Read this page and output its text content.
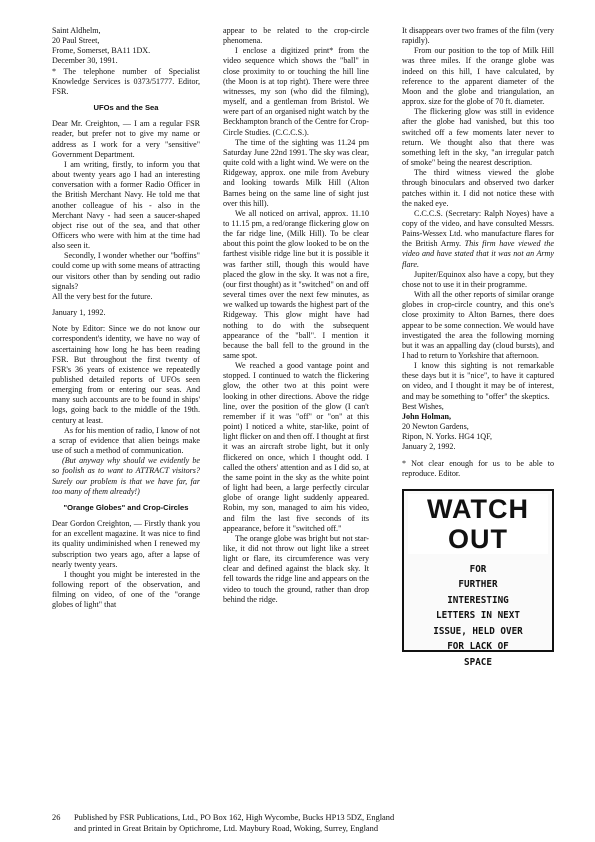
Saint Aldhelm,

20 Paul Street,

Frome, Somerset, BA11 1DX.

December 30, 1991.

* The telephone number of Specialist Knowledge Services is 0373/51777. Editor, FSR.

UFOs and the Sea

Dear Mr. Creighton, — I am a regular FSR reader, but prefer not to give my name or address as I work for a very "sensitive" Government Department.

I am writing, firstly, to inform you that about twenty years ago I had an interesting conversation with a former Radio Officer in the British Merchant Navy. He told me that another colleague of his - also in the Merchant Navy - had seen a saucer-shaped object rise out of the sea, and that other Officers who were with him at the time had also seen it.

Secondly, I wonder whether our "boffins" could come up with some means of attracting our visitors other than by sending out radio signals?

All the very best for the future.

January 1, 1992.

Note by Editor: Since we do not know our correspondent's identity, we have no way of ascertaining how long he has been reading FSR. But throughout the first twenty of FSR's 36 years of existence we repeatedly published detailed reports of UFOs seen emerging from or entering our seas. And many such accounts are to be found in ships' logs, going back to the middle of the 19th. century at least.

As for his mention of radio, I know of not a scrap of evidence that alien beings make use of such a method of communication.

(But anyway why should we evidently be so foolish as to want to ATTRACT visitors? Surely our problem is that we have far, far too many of them already!)

"Orange Globes" and Crop-Circles

Dear Gordon Creighton, — Firstly thank you for an excellent magazine. It was nice to find its quality undiminished when I renewed my subscription two years ago, after a lapse of nearly twenty years.

I thought you might be interested in the following report of the observation, and filming on video, of one of the "orange globes of light" that

appear to be related to the crop-circle phenomena.

I enclose a digitized print* from the video sequence which shows the "ball" in close proximity to or touching the hill line (the Moon is at top right). There were three witnesses, my son (who did the filming), myself, and a gentleman from Bristol. We were part of an organised night watch by the Beckhampton branch of the Centre for Crop-Circle Studies. (C.C.C.S.).

The time of the sighting was 11.24 pm Saturday June 22nd 1991. The sky was clear, quite cold with a light wind. We were on the Ridgeway, approx. one mile from Avebury and looking towards Milk Hill (Alton Barnes being on the same line of sight just over this hill).

We all noticed on arrival, approx. 11.10 to 11.15 pm, a red/orange flickering glow on the far ridge line, (Milk Hill). To be clear about this point the glow looked to be on the farthest visible ridge line but it is possible it was farther still, though this would have placed the glow in the sky. It was not a fire, (our first thought) as it "switched" on and off several times over the next few minutes, as we walked up towards the highest part of the Ridgeway. This glow might have had nothing to do with the subsequent appearance of the "ball". I mention it because the ball fell to the ground in the same spot.

We reached a good vantage point and stopped. I continued to watch the flickering glow, the other two at this point were looking in other directions. Above the ridge line, over the position of the glow (I can't remember if it was "off" or "on" at this point) I noticed a white, star-like, point of light flicker on and then off. I thought at first it was an aircraft strobe light, but it only flickered on once, which I thought odd. I called the others' attention and as I did so, at the same point in the sky as the white point of light had been, a large perfectly circular globe of orange light suddenly appeared. Robin, my son, managed to aim his video, and film the last five seconds of its appearance, before it "switched off."

The orange globe was bright but not star-like, it did not throw out light like a street light or flare, its circumference was very clear and defined against the black sky. It fell towards the ridge line and appears on the video to touch the ground, rather than drop behind the ridge.

It disappears over two frames of the film (very rapidly).

From our position to the top of Milk Hill was three miles. If the orange globe was indeed on this hill, I have calculated, by reference to the apparent diameter of the Moon and the globe and triangulation, an approx. size for the globe of 70 ft. diameter.

The flickering glow was still in evidence after the globe had vanished, but this too switched off a few moments later never to return. We thought also that there was something left in the sky, "an irregular patch of smoke" being the nearest description.

The third witness viewed the globe through binoculars and observed two darker patches within it. I did not notice these with the naked eye.

C.C.C.S. (Secretary: Ralph Noyes) have a copy of the video, and have consulted Messrs. Pains-Wessex Ltd. who manufacture flares for the British Army. This firm have viewed the video and have stated that it was not an Army flare.

Jupiter/Equinox also have a copy, but they chose not to use it in their programme.

With all the other reports of similar orange globes in crop-circle country, and this one's close proximity to Alton Barnes, there does appear to be some connection. We would have investigated the area the following morning but it was an appalling day (cloud bursts), and I had to return to Yorkshire that afternoon.

I know this sighting is not remarkable these days but it is "nice", to have it captured on video, and I thought it may be of interest, and may be something to "offer" the skeptics.

Best Wishes,

John Holman,

20 Newton Gardens,

Ripon, N. Yorks. HG4 1QF,

January 2, 1992.

* Not clear enough for us to be able to reproduce. Editor.

WATCH OUT
FOR
FURTHER
INTERESTING
LETTERS IN NEXT
ISSUE, HELD OVER
FOR LACK OF
SPACE
26 Published by FSR Publications, Ltd., PO Box 162, High Wycombe, Bucks HP13 5DZ, England
and printed in Great Britain by Optichrome, Ltd. Maybury Road, Woking, Surrey, England
